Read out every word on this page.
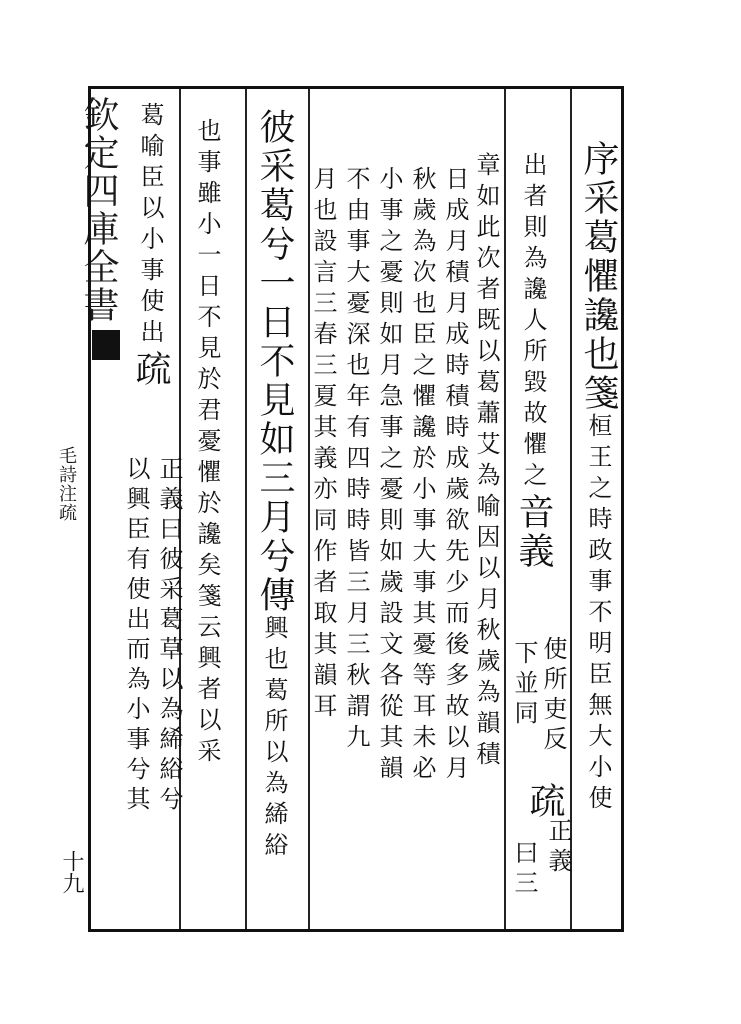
欽定四庫全書
毛詩注疏
十九
序采葛懼讒也箋桓王之時政事不明臣無大小使
出者則為讒人所毀故懼之音義
使所吏反
下並同
疏
正義
曰三
章如此次者既以葛蕭艾為喻因以月秋歲為韻積
日成月積月成時積時成歲欲先少而後多故以月
秋歲為次也臣之懼讒於小事大事其憂等耳未必
小事之憂則如月急事之憂則如歲設文各從其韻
不由事大憂深也年有四時時皆三月三秋謂九
月也設言三春三夏其義亦同作者取其韻耳
彼采葛兮一日不見如三月兮傳興也葛所以為絺綌
也事雖小一日不見於君憂懼於讒矣箋云興者以采
葛喻臣以小事使出疏
正義曰彼采葛草以為絺綌兮
以興臣有使出而為小事兮其
